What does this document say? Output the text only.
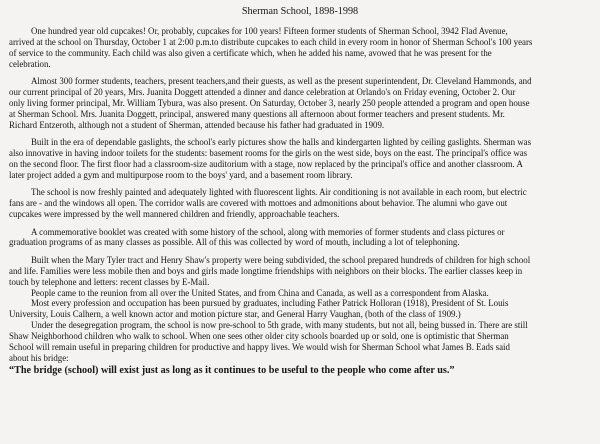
Sherman School, 1898-1998
One hundred year old cupcakes! Or, probably, cupcakes for 100 years! Fifteen former students of Sherman School, 3942 Flad Avenue,
arrived at the school on Thursday, October 1 at 2:00 p.m.to distribute cupcakes to each child in every room in honor of Sherman School's 100 years
of service to the community. Each child was also given a certificate which, when he added his name, avowed that he was present for the
celebration.
Almost 300 former students, teachers, present teachers,and their guests, as well as the present superintendent, Dr. Cleveland Hammonds, and
our current principal of 20 years, Mrs. Juanita Doggett attended a dinner and dance celebration at Orlando's on Friday evening, October 2. Our
only living former principal, Mr. William Tybura, was also present. On Saturday, October 3, nearly 250 people attended a program and open house
at Sherman School. Mrs. Juanita Doggett, principal, answered many questions all afternoon about former teachers and present students. Mr.
Richard Entzeroth, although not a student of Sherman, attended because his father had graduated in 1909.
Built in the era of dependable gaslights, the school's early pictures show the halls and kindergarten lighted by ceiling gaslights. Sherman was
also innovative in having indoor toilets for the students: basement rooms for the girls on the west side, boys on the east. The principal's office was
on the second floor. The first floor had a classroom-size auditorium with a stage, now replaced by the principal's office and another classroom. A
later project added a gym and multipurpose room to the boys' yard, and a basement room library.
The school is now freshly painted and adequately lighted with fluorescent lights. Air conditioning is not available in each room, but electric
fans are - and the windows all open. The corridor walls are covered with mottoes and admonitions about behavior. The alumni who gave out
cupcakes were impressed by the well mannered children and friendly, approachable teachers.
A commemorative booklet was created with some history of the school, along with memories of former students and class pictures or
graduation programs of as many classes as possible. All of this was collected by word of mouth, including a lot of telephoning.
Built when the Mary Tyler tract and Henry Shaw's property were being subdivided, the school prepared hundreds of children for high school
and life. Families were less mobile then and boys and girls made longtime friendships with neighbors on their blocks. The earlier classes keep in
touch by telephone and letters: recent classes by E-Mail.
People came to the reunion from all over the United States, and from China and Canada, as well as a correspondent from Alaska.
Most every profession and occupation has been pursued by graduates, including Father Patrick Holloran (1918), President of St. Louis
University, Louis Calhern, a well known actor and motion picture star, and General Harry Vaughan, (both of the class of 1909.)
Under the desegregation program, the school is now pre-school to 5th grade, with many students, but not all, being bussed in. There are still
Shaw Neighborhood children who walk to school. When one sees other older city schools boarded up or sold, one is optimistic that Sherman
School will remain useful in preparing children for productive and happy lives. We would wish for Sherman School what James B. Eads said
about his bridge:
“The bridge (school) will exist just as long as it continues to be useful to the people who come after us.”
